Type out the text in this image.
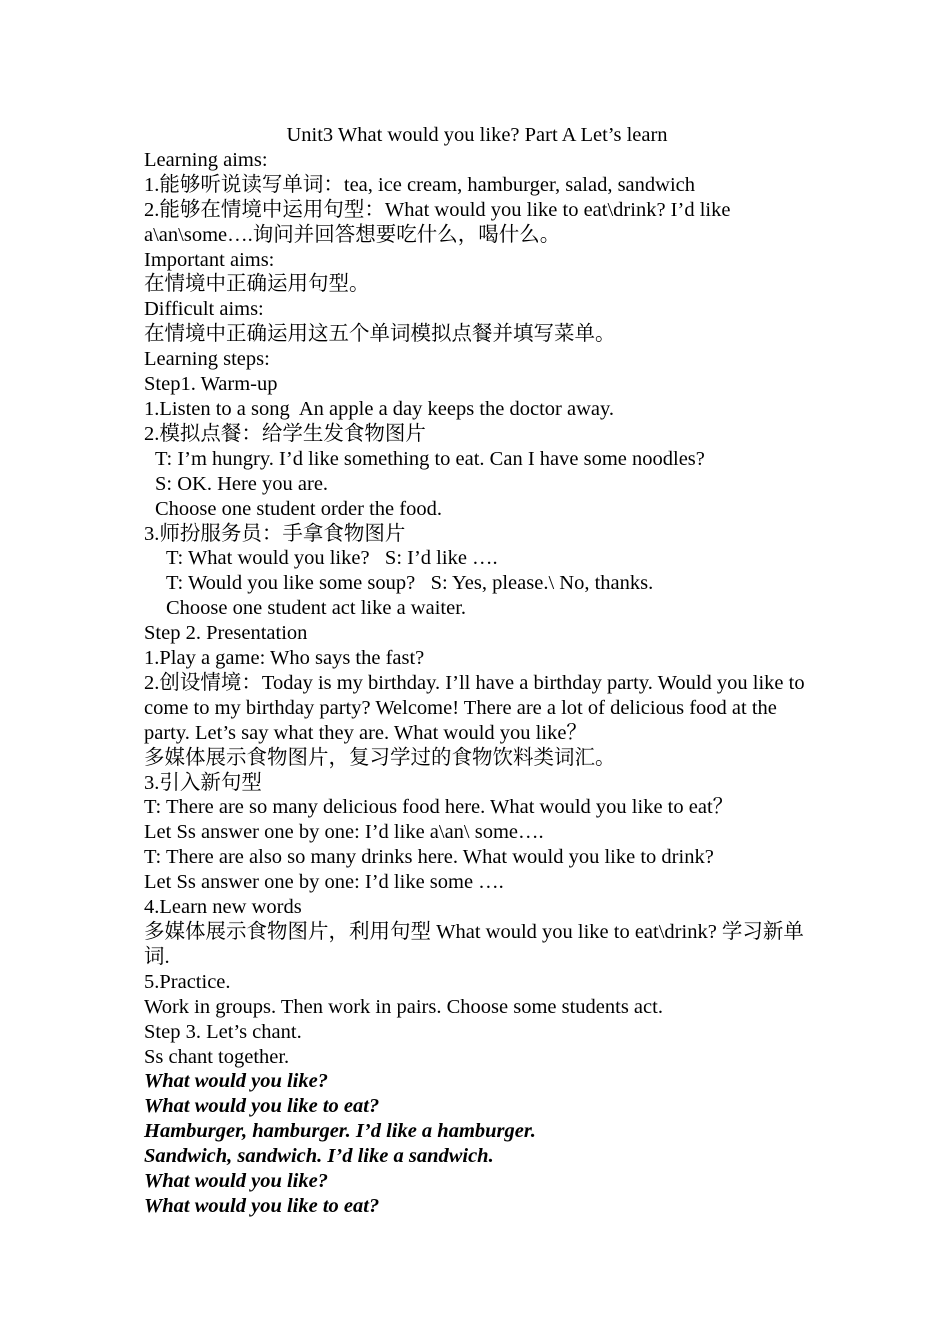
Unit3 What would you like? Part A Let’s learn
Learning aims:
1.能够听说读写单词：tea, ice cream, hamburger, salad, sandwich
2.能够在情境中运用句型：What would you like to eat\drink? I’d like a\an\some….询问并回答想要吃什么，喝什么。
Important aims:
在情境中正确运用句型。
Difficult aims:
在情境中正确运用这五个单词模拟点餐并填写菜单。
Learning steps:
Step1. Warm-up
1.Listen to a song  An apple a day keeps the doctor away.
2.模拟点餐：给学生发食物图片
T: I’m hungry. I’d like something to eat. Can I have some noodles?
S: OK. Here you are.
Choose one student order the food.
3.师扮服务员：手拿食物图片
T: What would you like?   S: I’d like ….
T: Would you like some soup?   S: Yes, please.\ No, thanks.
Choose one student act like a waiter.
Step 2. Presentation
1.Play a game: Who says the fast?
2.创设情境：Today is my birthday. I’ll have a birthday party. Would you like to come to my birthday party? Welcome! There are a lot of delicious food at the party. Let’s say what they are. What would you like？
多媒体展示食物图片，复习学过的食物饮料类词汇。
3.引入新句型
T: There are so many delicious food here. What would you like to eat？
Let Ss answer one by one: I’d like a\an\ some….
T: There are also so many drinks here. What would you like to drink?
Let Ss answer one by one: I’d like some ….
4.Learn new words
多媒体展示食物图片，利用句型 What would you like to eat\drink? 学习新单词.
5.Practice.
Work in groups. Then work in pairs. Choose some students act.
Step 3. Let’s chant.
Ss chant together.
What would you like?
What would you like to eat?
Hamburger, hamburger. I’d like a hamburger.
Sandwich, sandwich. I’d like a sandwich.
What would you like?
What would you like to eat?
